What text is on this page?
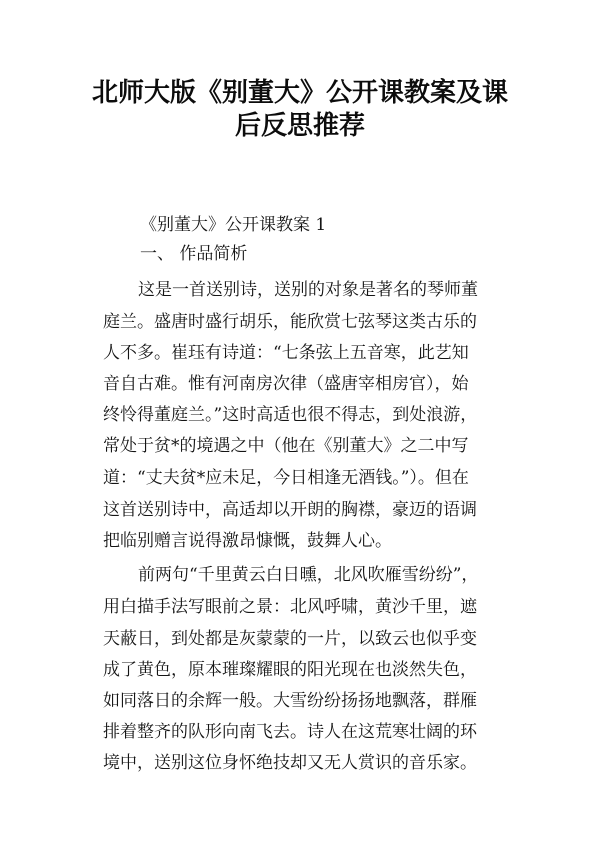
北师大版《别董大》公开课教案及课
后反思推荐
《别董大》公开课教案 1
一、 作品简析
这是一首送别诗，送别的对象是著名的琴师董
庭兰。盛唐时盛行胡乐，能欣赏七弦琴这类古乐的
人不多。崔珏有诗道：“七条弦上五音寒，此艺知
音自古难。惟有河南房次律（盛唐宰相房官），始
终怜得董庭兰。”这时高适也很不得志，到处浪游，
常处于贫*的境遇之中（他在《别董大》之二中写
道：“丈夫贫*应未足，今日相逢无酒钱。”）。但在
这首送别诗中，高适却以开朗的胸襟，豪迈的语调
把临别赠言说得激昂慷慨，鼓舞人心。
前两句“千里黄云白日曛，北风吹雁雪纷纷”，
用白描手法写眼前之景：北风呼啸，黄沙千里，遮
天蔽日，到处都是灰蒙蒙的一片，以致云也似乎变
成了黄色，原本璀璨耀眼的阳光现在也淡然失色，
如同落日的余辉一般。大雪纷纷扬扬地飘落，群雁
排着整齐的队形向南飞去。诗人在这荒寒壮阔的环
境中，送别这位身怀绝技却又无人赏识的音乐家。
